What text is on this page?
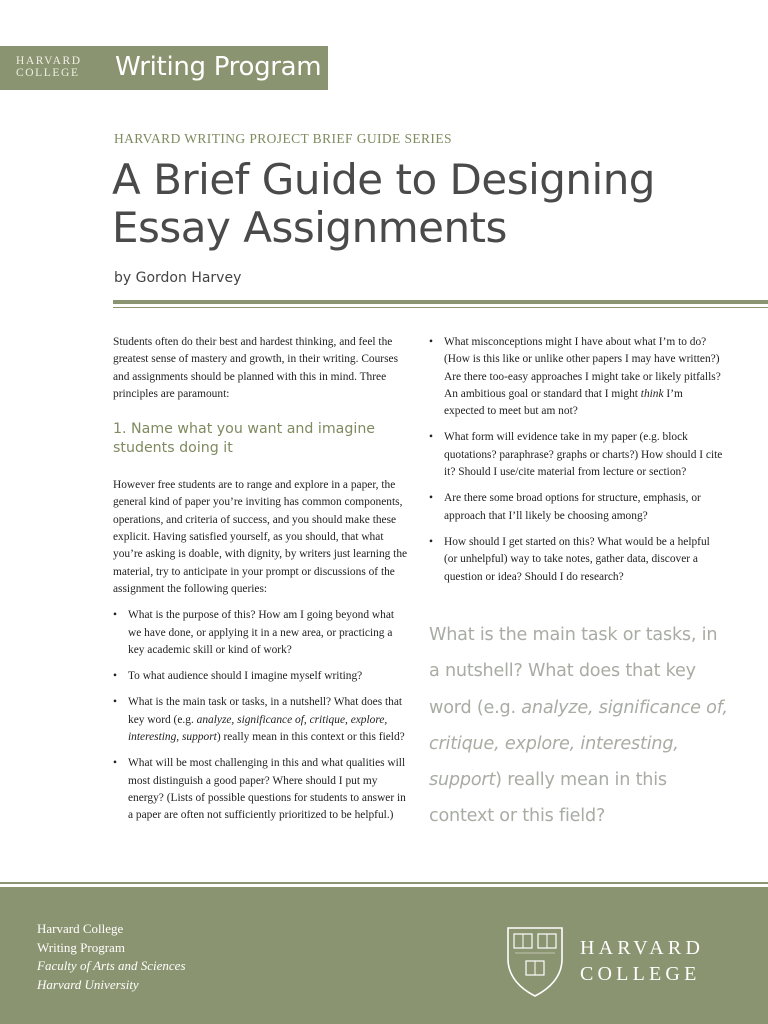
HARVARD
COLLEGE Writing Program
HARVARD WRITING PROJECT BRIEF GUIDE SERIES
A Brief Guide to Designing Essay Assignments
by Gordon Harvey

Students often do their best and hardest thinking, and feel the greatest sense of mastery and growth, in their writing. Courses and assignments should be planned with this in mind. Three principles are paramount:

1. Name what you want and imagine students doing it

However free students are to range and explore in a paper, the general kind of paper you’re inviting has common components, operations, and criteria of success, and you should make these explicit. Having satisfied yourself, as you should, that what you’re asking is doable, with dignity, by writers just learning the material, try to anticipate in your prompt or discussions of the assignment the following queries:

• What is the purpose of this? How am I going beyond what we have done, or applying it in a new area, or practicing a key academic skill or kind of work?
• To what audience should I imagine myself writing?
• What is the main task or tasks, in a nutshell? What does that key word (e.g. analyze, significance of, critique, explore, interesting, support) really mean in this context or this field?
• What will be most challenging in this and what qualities will most distinguish a good paper? Where should I put my energy? (Lists of possible questions for students to answer in a paper are often not sufficiently prioritized to be helpful.)
• What misconceptions might I have about what I’m to do? (How is this like or unlike other papers I may have written?) Are there too-easy approaches I might take or likely pitfalls? An ambitious goal or standard that I might think I’m expected to meet but am not?
• What form will evidence take in my paper (e.g. block quotations? paraphrase? graphs or charts?) How should I cite it? Should I use/cite material from lecture or section?
• Are there some broad options for structure, emphasis, or approach that I’ll likely be choosing among?
• How should I get started on this? What would be a helpful (or unhelpful) way to take notes, gather data, discover a question or idea? Should I do research?
What is the main task or tasks, in a nutshell? What does that key word (e.g. analyze, significance of, critique, explore, interesting, support) really mean in this context or this field?
Harvard College
Writing Program
Faculty of Arts and Sciences
Harvard University
HARVARD
COLLEGE
